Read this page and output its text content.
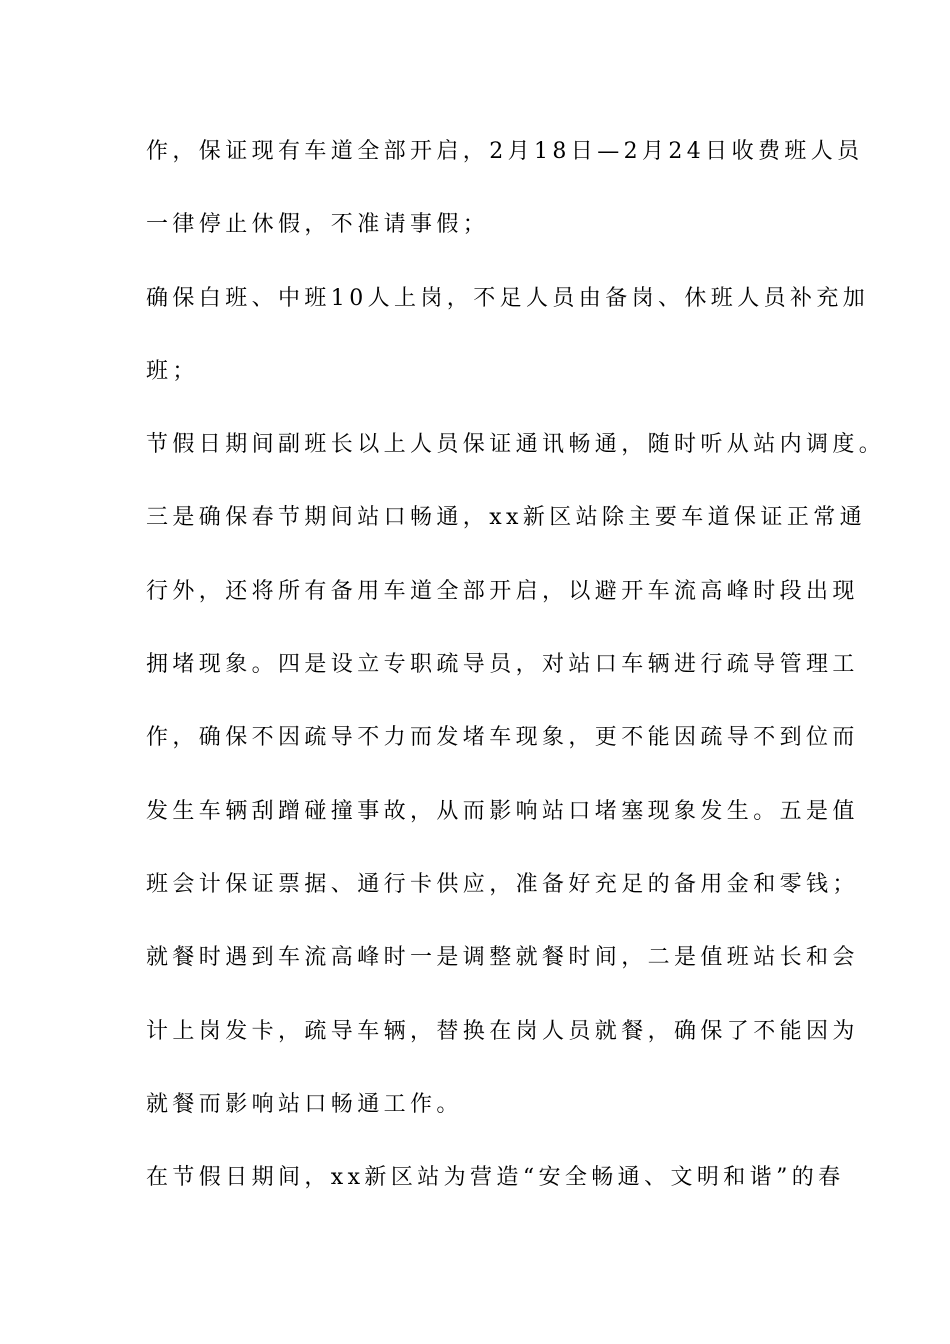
作，保证现有车道全部开启，2月18日—2月24日收费班人员

一律停止休假，不准请事假；

确保白班、中班10人上岗，不足人员由备岗、休班人员补充加

班；

节假日期间副班长以上人员保证通讯畅通，随时听从站内调度。

三是确保春节期间站口畅通，xx新区站除主要车道保证正常通

行外，还将所有备用车道全部开启，以避开车流高峰时段出现

拥堵现象。四是设立专职疏导员，对站口车辆进行疏导管理工

作，确保不因疏导不力而发堵车现象，更不能因疏导不到位而

发生车辆刮蹭碰撞事故，从而影响站口堵塞现象发生。五是值

班会计保证票据、通行卡供应，准备好充足的备用金和零钱；

就餐时遇到车流高峰时一是调整就餐时间，二是值班站长和会

计上岗发卡，疏导车辆，替换在岗人员就餐，确保了不能因为

就餐而影响站口畅通工作。

在节假日期间，xx新区站为营造“安全畅通、文明和谐”的春
